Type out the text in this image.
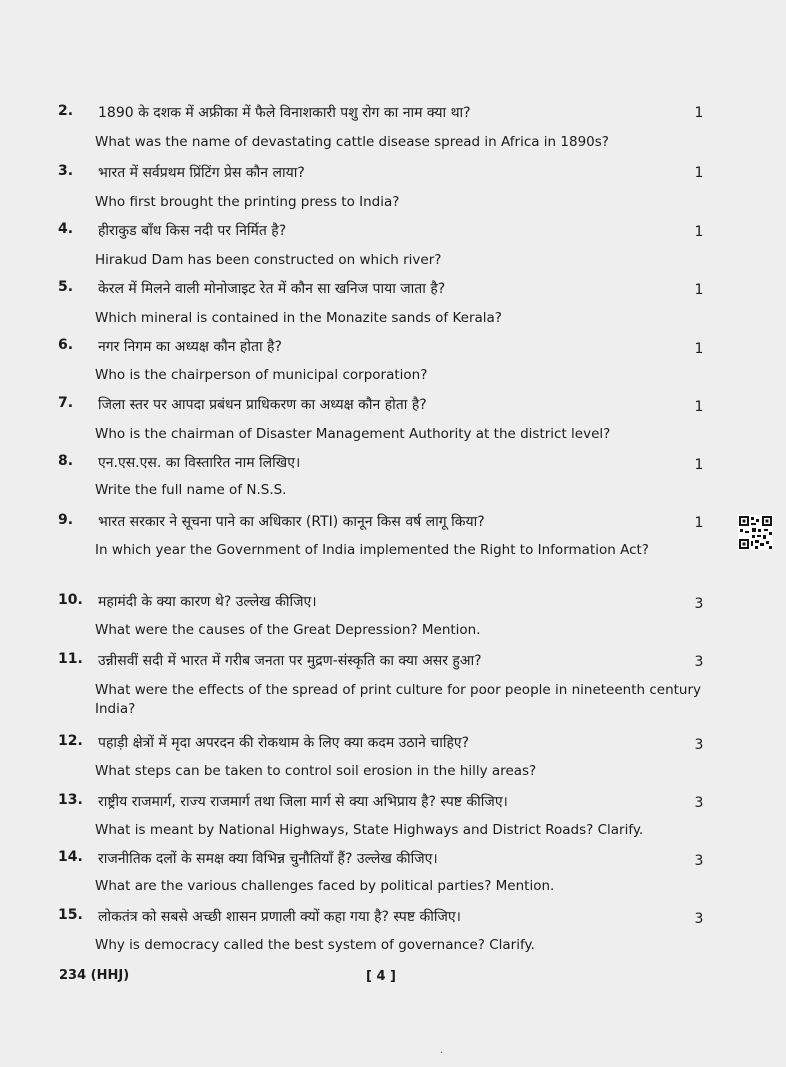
2. 1890 के दशक में अफ्रीका में फैले विनाशकारी पशु रोग का नाम क्या था?	1
What was the name of devastating cattle disease spread in Africa in 1890s?
3. भारत में सर्वप्रथम प्रिंटिंग प्रेस कौन लाया?	1
Who first brought the printing press to India?
4. हीराकुड बाँध किस नदी पर निर्मित है?	1
Hirakud Dam has been constructed on which river?
5. केरल में मिलने वाली मोनोजाइट रेत में कौन सा खनिज पाया जाता है?	1
Which mineral is contained in the Monazite sands of Kerala?
6. नगर निगम का अध्यक्ष कौन होता है?	1
Who is the chairperson of municipal corporation?
7. जिला स्तर पर आपदा प्रबंधन प्राधिकरण का अध्यक्ष कौन होता है?	1
Who is the chairman of Disaster Management Authority at the district level?
8. एन.एस.एस. का विस्तारित नाम लिखिए।	1
Write the full name of N.S.S.
9. भारत सरकार ने सूचना पाने का अधिकार (RTI) कानून किस वर्ष लागू किया?	1
In which year the Government of India implemented the Right to Information Act?
10. महामंदी के क्या कारण थे? उल्लेख कीजिए।	3
What were the causes of the Great Depression? Mention.
11. उन्नीसवीं सदी में भारत में गरीब जनता पर मुद्रण-संस्कृति का क्या असर हुआ?	3
What were the effects of the spread of print culture for poor people in nineteenth century India?
12. पहाड़ी क्षेत्रों में मृदा अपरदन की रोकथाम के लिए क्या कदम उठाने चाहिए?	3
What steps can be taken to control soil erosion in the hilly areas?
13. राष्ट्रीय राजमार्ग, राज्य राजमार्ग तथा जिला मार्ग से क्या अभिप्राय है? स्पष्ट कीजिए।	3
What is meant by National Highways, State Highways and District Roads? Clarify.
14. राजनीतिक दलों के समक्ष क्या विभिन्न चुनौतियाँ हैं? उल्लेख कीजिए।	3
What are the various challenges faced by political parties? Mention.
15. लोकतंत्र को सबसे अच्छी शासन प्रणाली क्यों कहा गया है? स्पष्ट कीजिए।	3
Why is democracy called the best system of governance? Clarify.
234 (HHJ)	[ 4 ]
·
